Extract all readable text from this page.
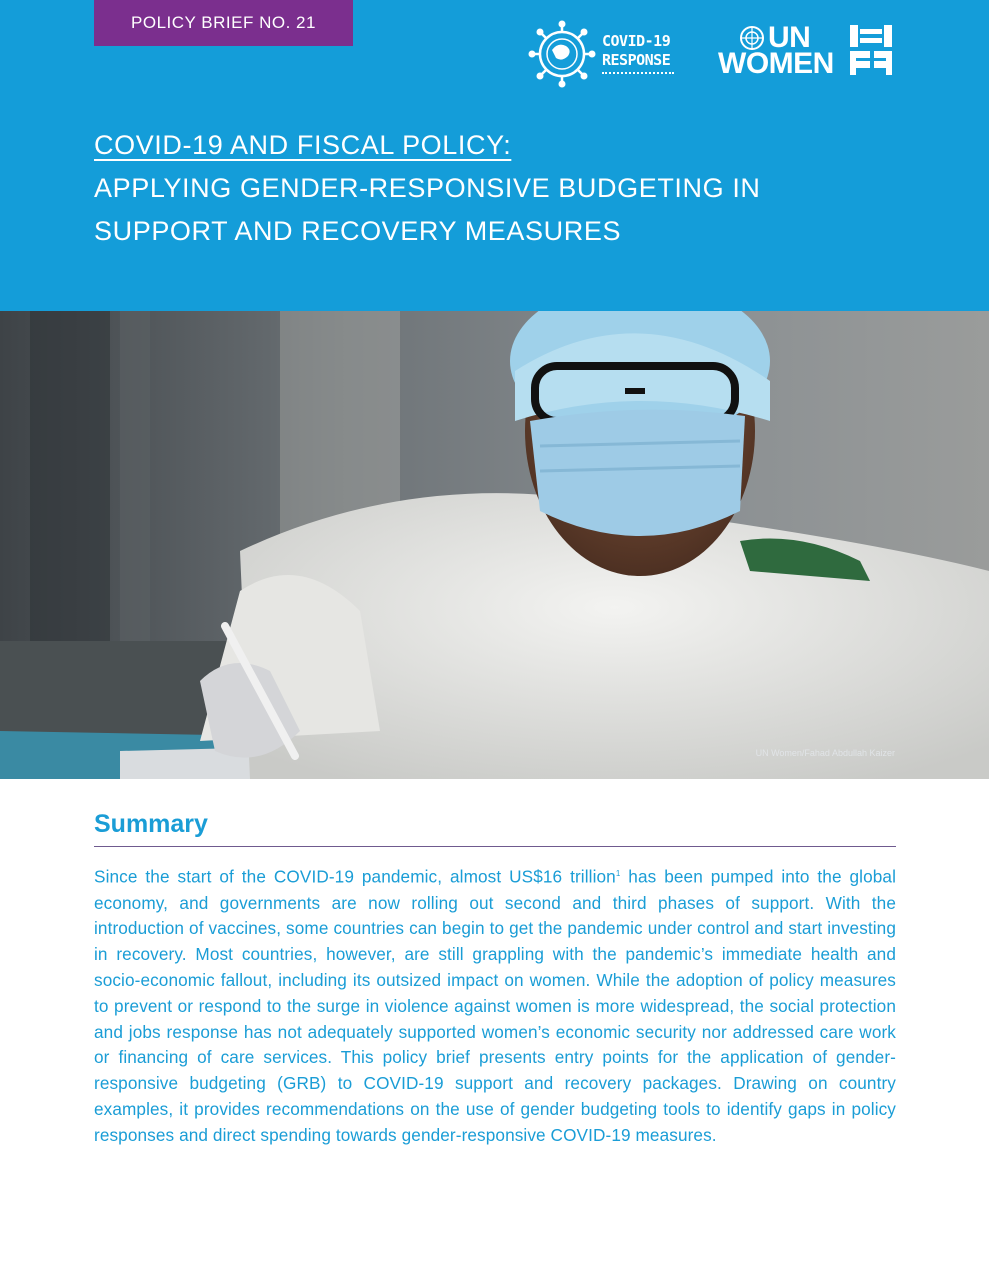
POLICY BRIEF NO. 21
COVID-19
RESPONSE
UN
WOMEN
COVID-19 AND FISCAL POLICY:
APPLYING GENDER-RESPONSIVE BUDGETING IN
SUPPORT AND RECOVERY MEASURES
UN Women/Fahad Abdullah Kaizer
Summary
Since the start of the COVID-19 pandemic, almost US$16 trillion$^1$ has been pumped into the global economy, and governments are now rolling out second and third phases of support. With the introduction of vaccines, some countries can begin to get the pandemic under control and start investing in recovery. Most countries, however, are still grappling with the pandemic’s immediate health and socio-economic fallout, including its outsized impact on women. While the adoption of policy measures to prevent or respond to the surge in violence against women is more widespread, the social protection and jobs response has not adequately supported women’s economic security nor addressed care work or financing of care services. This policy brief presents entry points for the application of gender-responsive budgeting (GRB) to COVID-19 support and recovery packages. Drawing on country examples, it provides recommendations on the use of gender budgeting tools to identify gaps in policy responses and direct spending towards gender-responsive COVID-19 measures.
